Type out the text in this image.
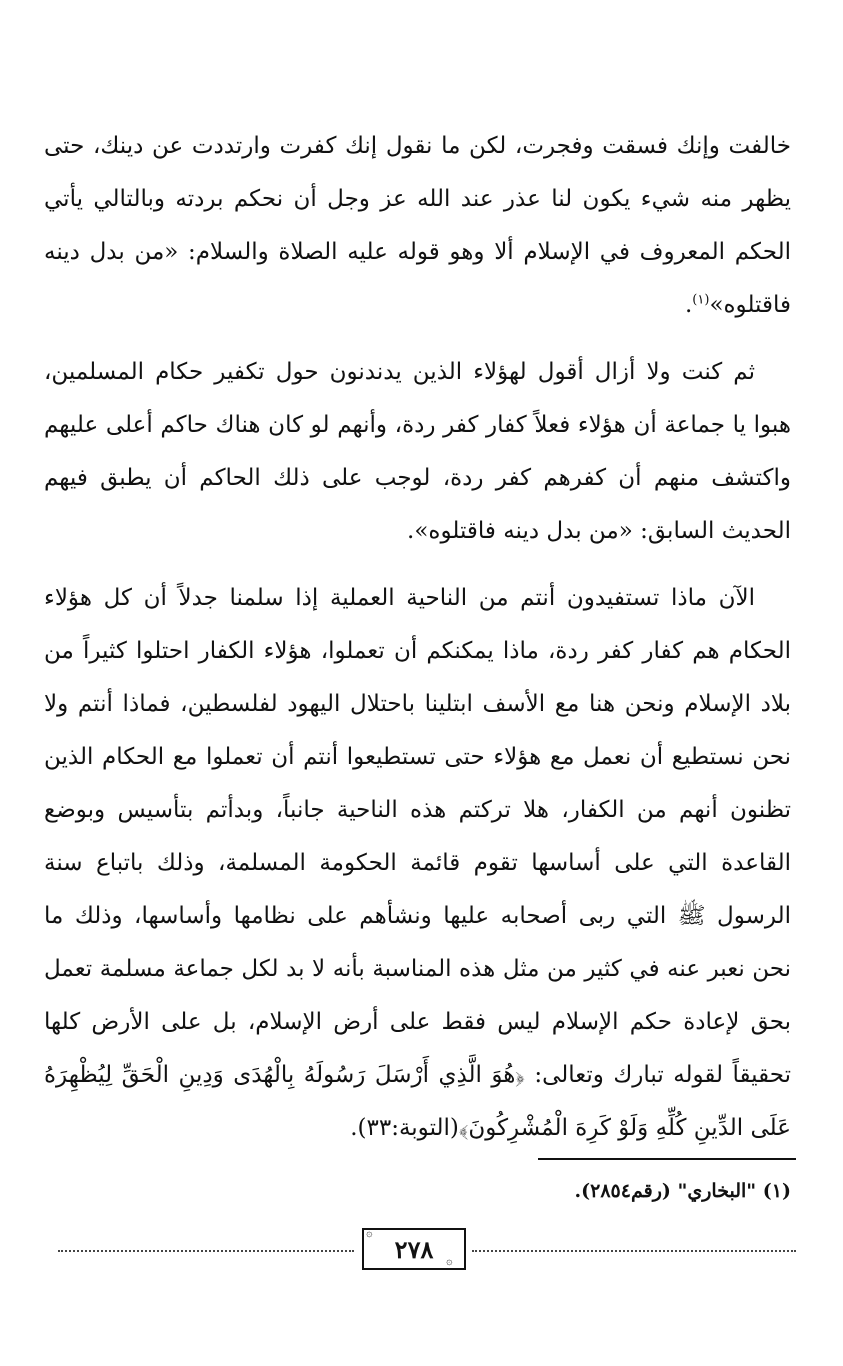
خالفت وإنك فسقت وفجرت، لكن ما نقول إنك كفرت وارتددت عن دينك، حتى يظهر منه شيء يكون لنا عذر عند الله عز وجل أن نحكم بردته وبالتالي يأتي الحكم المعروف في الإسلام ألا وهو قوله عليه الصلاة والسلام: «من بدل دينه فاقتلوه»$^{(١)}$.

ثم كنت ولا أزال أقول لهؤلاء الذين يدندنون حول تكفير حكام المسلمين، هبوا يا جماعة أن هؤلاء فعلاً كفار كفر ردة، وأنهم لو كان هناك حاكم أعلى عليهم واكتشف منهم أن كفرهم كفر ردة، لوجب على ذلك الحاكم أن يطبق فيهم الحديث السابق: «من بدل دينه فاقتلوه».

الآن ماذا تستفيدون أنتم من الناحية العملية إذا سلمنا جدلاً أن كل هؤلاء الحكام هم كفار كفر ردة، ماذا يمكنكم أن تعملوا، هؤلاء الكفار احتلوا كثيراً من بلاد الإسلام ونحن هنا مع الأسف ابتلينا باحتلال اليهود لفلسطين، فماذا أنتم ولا نحن نستطيع أن نعمل مع هؤلاء حتى تستطيعوا أنتم أن تعملوا مع الحكام الذين تظنون أنهم من الكفار، هلا تركتم هذه الناحية جانباً، وبدأتم بتأسيس وبوضع القاعدة التي على أساسها تقوم قائمة الحكومة المسلمة، وذلك باتباع سنة الرسول ﷺ التي ربى أصحابه عليها ونشأهم على نظامها وأساسها، وذلك ما نحن نعبر عنه في كثير من مثل هذه المناسبة بأنه لا بد لكل جماعة مسلمة تعمل بحق لإعادة حكم الإسلام ليس فقط على أرض الإسلام، بل على الأرض كلها تحقيقاً لقوله تبارك وتعالى: ﴿هُوَ الَّذِي أَرْسَلَ رَسُولَهُ بِالْهُدَى وَدِينِ الْحَقِّ لِيُظْهِرَهُ عَلَى الدِّينِ كُلِّهِ وَلَوْ كَرِهَ الْمُشْرِكُونَ﴾(التوبة:٣٣).

(١) "البخاري" (رقم٢٨٥٤).
٢٧٨
۞
۞
